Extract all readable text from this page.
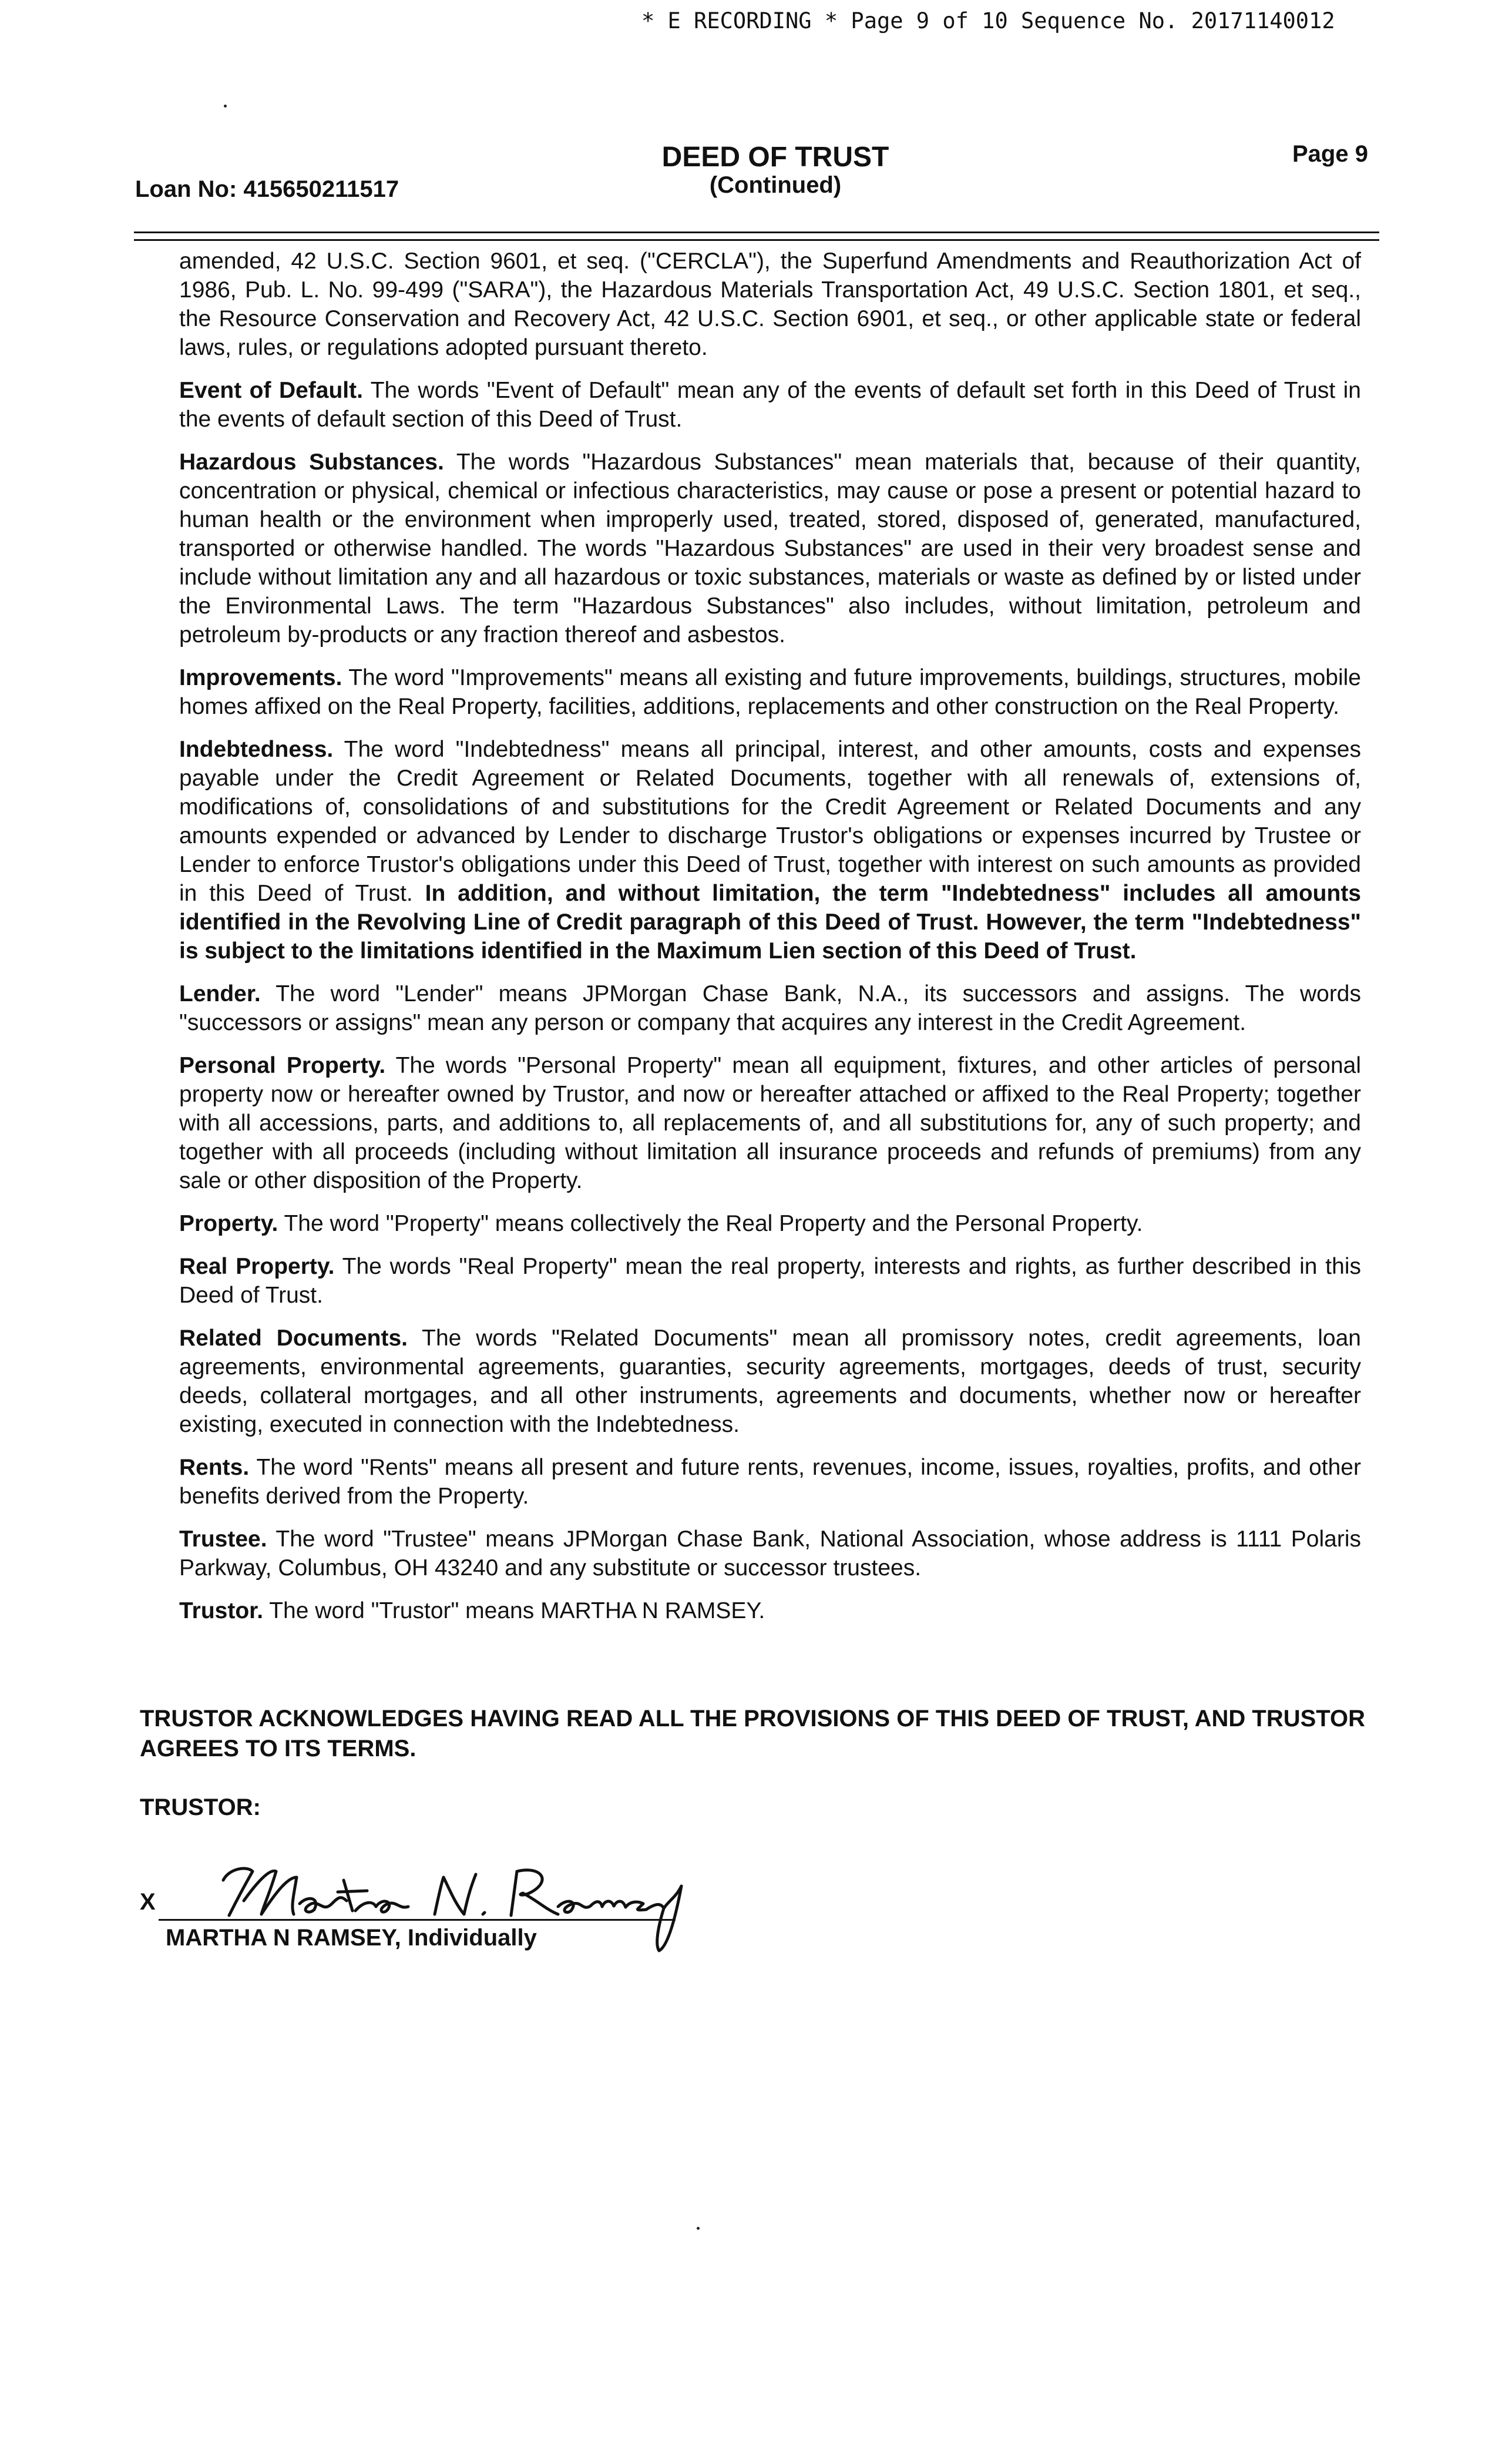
* E RECORDING * Page 9 of 10 Sequence No. 20171140012
Loan No: 415650211517
DEED OF TRUST
(Continued)
Page 9

amended, 42 U.S.C. Section 9601, et seq. ("CERCLA"), the Superfund Amendments and Reauthorization Act of 1986, Pub. L. No. 99-499 ("SARA"), the Hazardous Materials Transportation Act, 49 U.S.C. Section 1801, et seq., the Resource Conservation and Recovery Act, 42 U.S.C. Section 6901, et seq., or other applicable state or federal laws, rules, or regulations adopted pursuant thereto.

Event of Default. The words "Event of Default" mean any of the events of default set forth in this Deed of Trust in the events of default section of this Deed of Trust.

Hazardous Substances. The words "Hazardous Substances" mean materials that, because of their quantity, concentration or physical, chemical or infectious characteristics, may cause or pose a present or potential hazard to human health or the environment when improperly used, treated, stored, disposed of, generated, manufactured, transported or otherwise handled. The words "Hazardous Substances" are used in their very broadest sense and include without limitation any and all hazardous or toxic substances, materials or waste as defined by or listed under the Environmental Laws. The term "Hazardous Substances" also includes, without limitation, petroleum and petroleum by-products or any fraction thereof and asbestos.

Improvements. The word "Improvements" means all existing and future improvements, buildings, structures, mobile homes affixed on the Real Property, facilities, additions, replacements and other construction on the Real Property.

Indebtedness. The word "Indebtedness" means all principal, interest, and other amounts, costs and expenses payable under the Credit Agreement or Related Documents, together with all renewals of, extensions of, modifications of, consolidations of and substitutions for the Credit Agreement or Related Documents and any amounts expended or advanced by Lender to discharge Trustor's obligations or expenses incurred by Trustee or Lender to enforce Trustor's obligations under this Deed of Trust, together with interest on such amounts as provided in this Deed of Trust. In addition, and without limitation, the term "Indebtedness" includes all amounts identified in the Revolving Line of Credit paragraph of this Deed of Trust. However, the term "Indebtedness" is subject to the limitations identified in the Maximum Lien section of this Deed of Trust.

Lender. The word "Lender" means JPMorgan Chase Bank, N.A., its successors and assigns. The words "successors or assigns" mean any person or company that acquires any interest in the Credit Agreement.

Personal Property. The words "Personal Property" mean all equipment, fixtures, and other articles of personal property now or hereafter owned by Trustor, and now or hereafter attached or affixed to the Real Property; together with all accessions, parts, and additions to, all replacements of, and all substitutions for, any of such property; and together with all proceeds (including without limitation all insurance proceeds and refunds of premiums) from any sale or other disposition of the Property.

Property. The word "Property" means collectively the Real Property and the Personal Property.

Real Property. The words "Real Property" mean the real property, interests and rights, as further described in this Deed of Trust.

Related Documents. The words "Related Documents" mean all promissory notes, credit agreements, loan agreements, environmental agreements, guaranties, security agreements, mortgages, deeds of trust, security deeds, collateral mortgages, and all other instruments, agreements and documents, whether now or hereafter existing, executed in connection with the Indebtedness.

Rents. The word "Rents" means all present and future rents, revenues, income, issues, royalties, profits, and other benefits derived from the Property.

Trustee. The word "Trustee" means JPMorgan Chase Bank, National Association, whose address is 1111 Polaris Parkway, Columbus, OH 43240 and any substitute or successor trustees.

Trustor. The word "Trustor" means MARTHA N RAMSEY.

TRUSTOR ACKNOWLEDGES HAVING READ ALL THE PROVISIONS OF THIS DEED OF TRUST, AND TRUSTOR AGREES TO ITS TERMS.
TRUSTOR:
X
MARTHA N RAMSEY, Individually
